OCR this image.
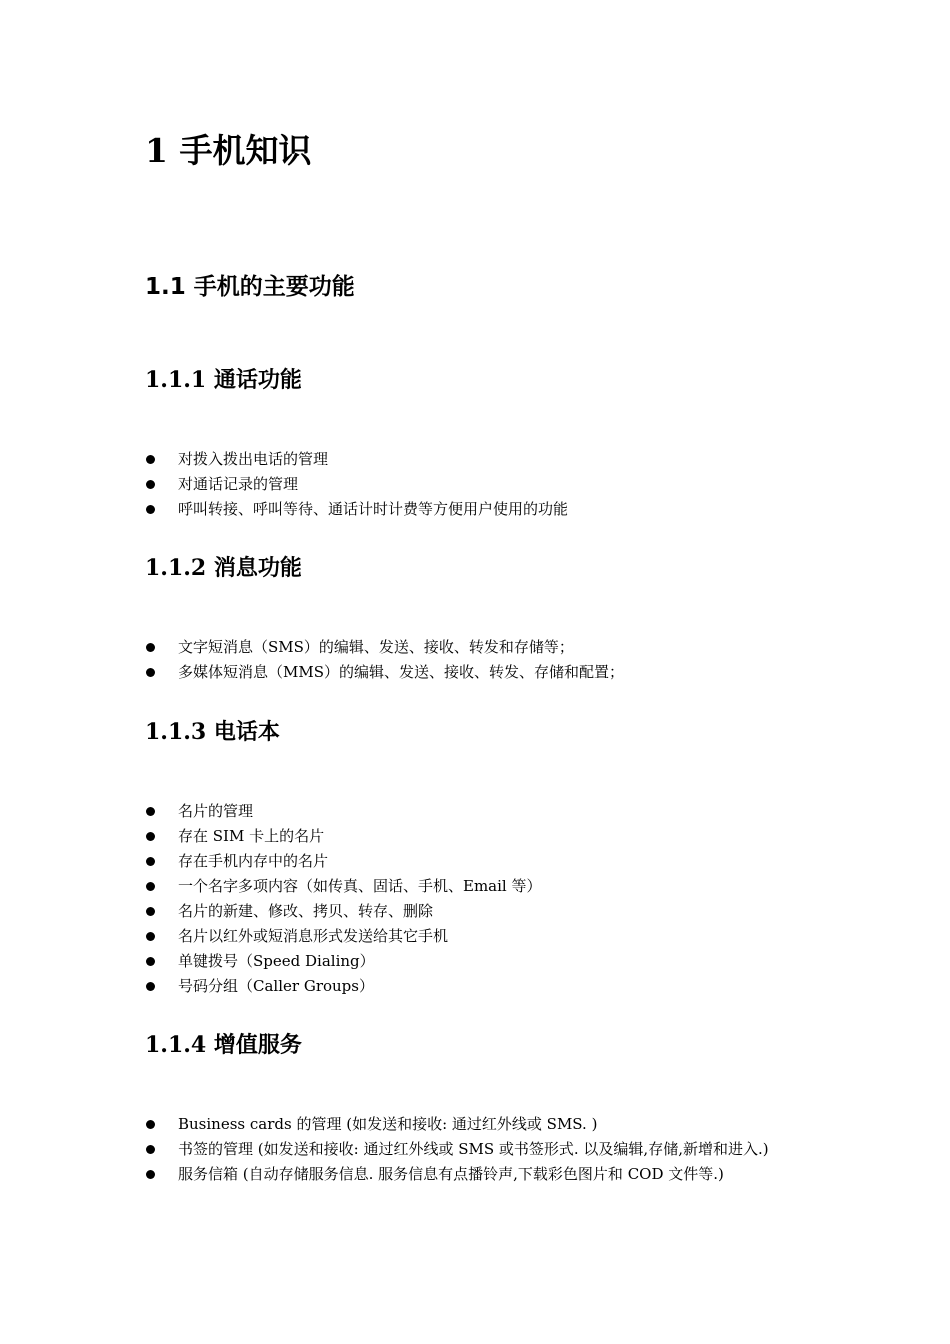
1 手机知识
1.1 手机的主要功能
1.1.1 通话功能
对拨入拨出电话的管理
对通话记录的管理
呼叫转接、呼叫等待、通话计时计费等方便用户使用的功能
1.1.2 消息功能
文字短消息（SMS）的编辑、发送、接收、转发和存储等；
多媒体短消息（MMS）的编辑、发送、接收、转发、存储和配置；
1.1.3 电话本
名片的管理
存在 SIM 卡上的名片
存在手机内存中的名片
一个名字多项内容（如传真、固话、手机、Email 等）
名片的新建、修改、拷贝、转存、删除
名片以红外或短消息形式发送给其它手机
单键拨号（Speed Dialing）
号码分组（Caller Groups）
1.1.4 增值服务
Business cards 的管理 (如发送和接收: 通过红外线或 SMS. )
书签的管理 (如发送和接收: 通过红外线或 SMS 或书签形式. 以及编辑,存储,新增和进入.)
服务信箱 (自动存储服务信息. 服务信息有点播铃声,下载彩色图片和 COD 文件等.)
